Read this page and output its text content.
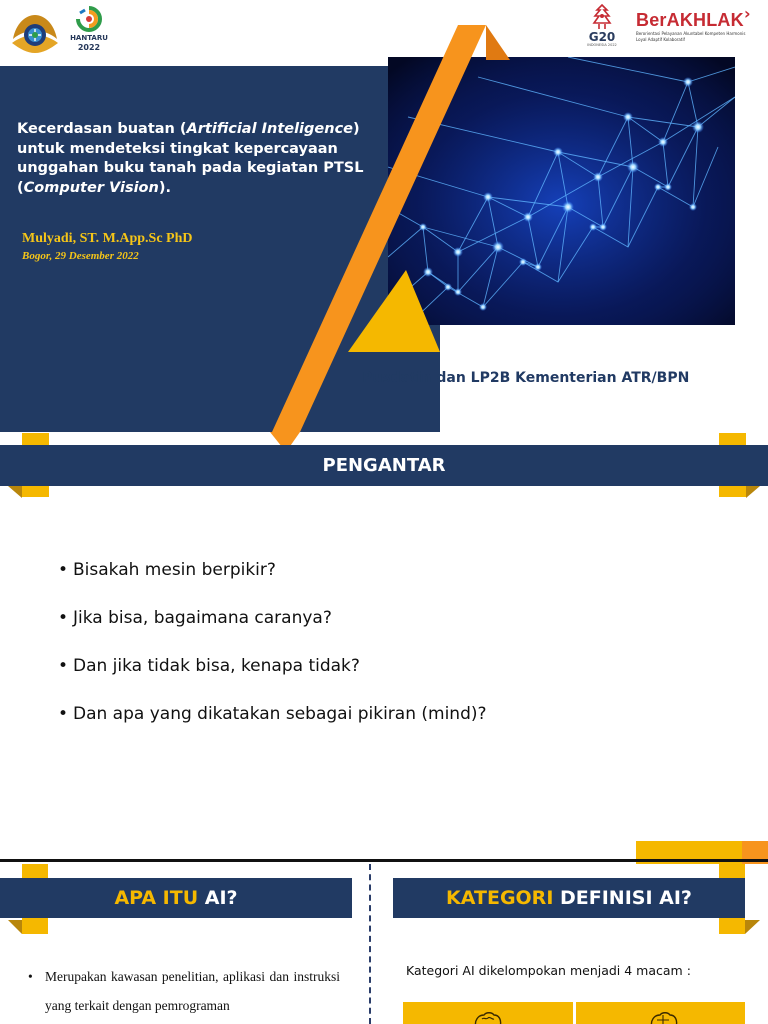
HANTARU
2022
G20
INDONESIA 2022
BerAKHLAK ›
Berorientasi Pelayanan Akuntabel Kompeten Harmonis Loyal Adaptif Kolaboratif
Kecerdasan buatan (Artificial Inteligence) untuk mendeteksi tingkat kepercayaan unggahan buku tanah pada kegiatan PTSL (Computer Vision).
Mulyadi, ST. M.App.Sc PhD
Bogor, 29 Desember 2022
Pusdatin dan LP2B Kementerian ATR/BPN
PENGANTAR
• Bisakah mesin berpikir?
• Jika bisa, bagaimana caranya?
• Dan jika tidak bisa, kenapa tidak?
• Dan apa yang dikatakan sebagai pikiran (mind)?
APA ITU AI?	KATEGORI DEFINISI AI?
• Merupakan kawasan penelitian, aplikasi dan instruksi yang terkait dengan pemrograman
Kategori AI dikelompokan menjadi 4 macam :
